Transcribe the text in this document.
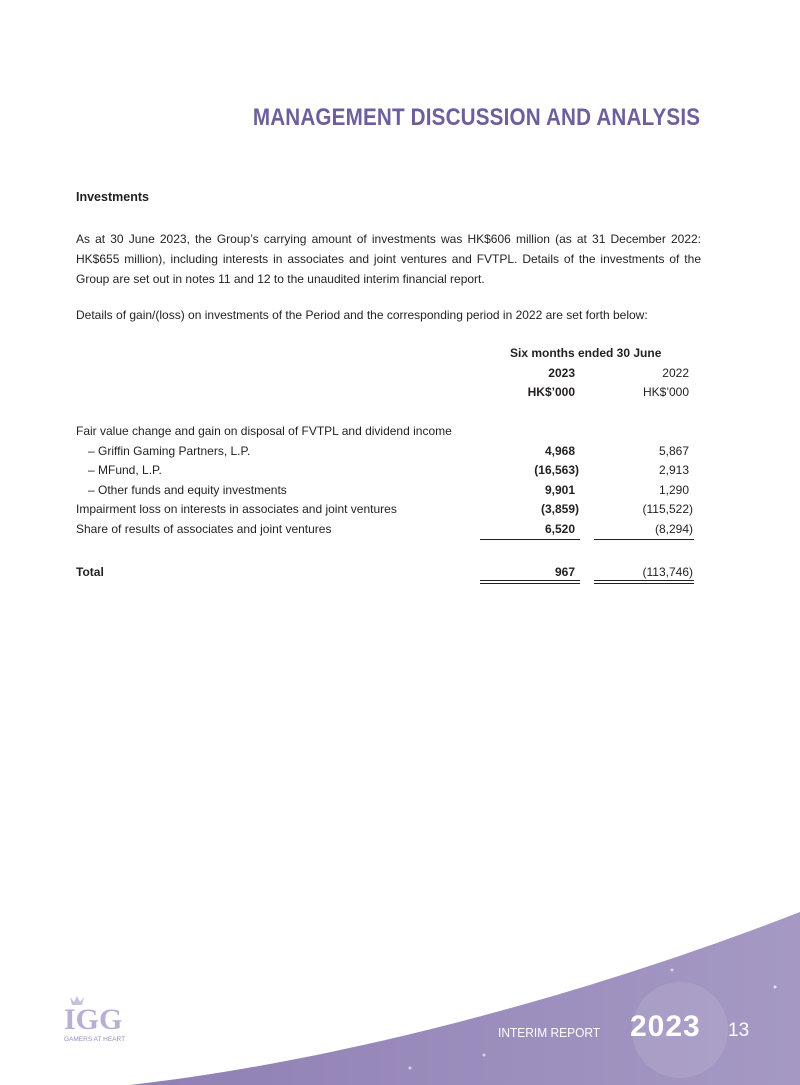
MANAGEMENT DISCUSSION AND ANALYSIS
Investments
As at 30 June 2023, the Group’s carrying amount of investments was HK$606 million (as at 31 December 2022: HK$655 million), including interests in associates and joint ventures and FVTPL. Details of the investments of the Group are set out in notes 11 and 12 to the unaudited interim financial report.
Details of gain/(loss) on investments of the Period and the corresponding period in 2022 are set forth below:
Six months ended 30 June
2023	2022
HK$’000	HK$’000
Fair value change and gain on disposal of FVTPL and dividend income
– Griffin Gaming Partners, L.P.	4,968	5,867
– MFund, L.P.	(16,563)	2,913
– Other funds and equity investments	9,901	1,290
Impairment loss on interests in associates and joint ventures	(3,859)	(115,522)
Share of results of associates and joint ventures	6,520	(8,294)
Total	967	(113,746)
IGG
GAMERS AT HEART	INTERIM REPORT 2023 13
